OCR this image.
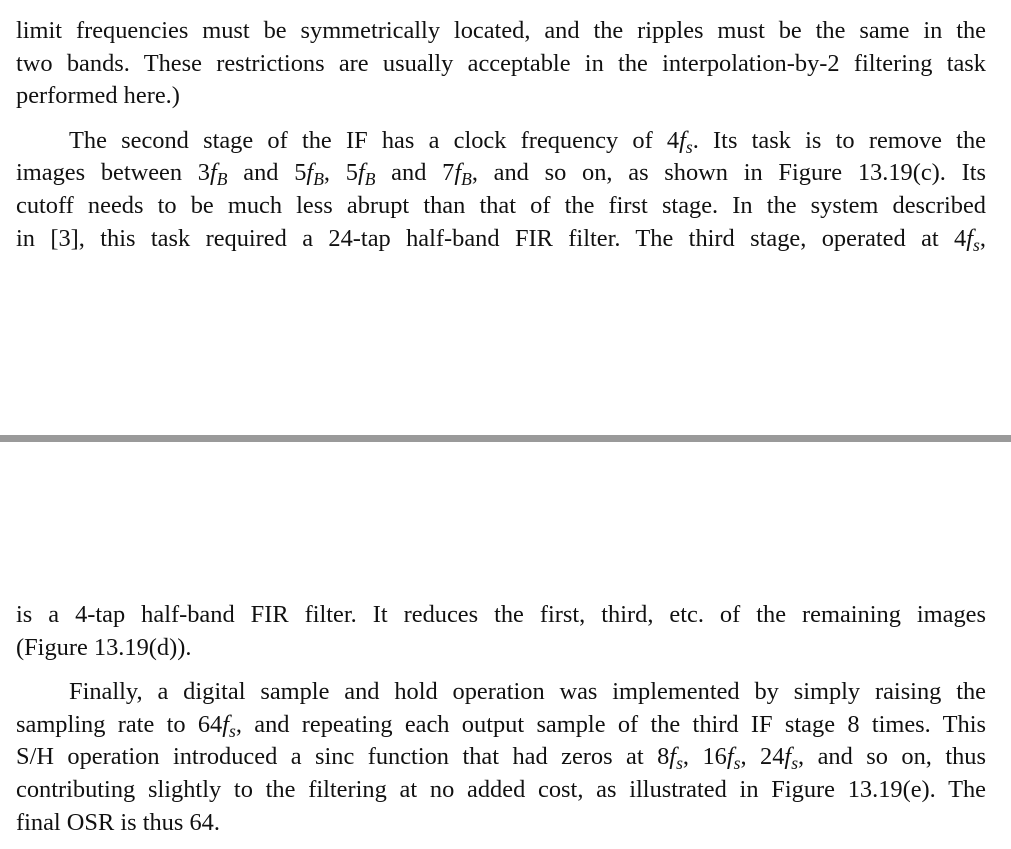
limit frequencies must be symmetrically located, and the ripples must be the same in the
two bands. These restrictions are usually acceptable in the interpolation-by-2 filtering task
performed here.)

The second stage of the IF has a clock frequency of $4f_s$. Its task is to remove the
images between $3f_B$ and $5f_B$, $5f_B$ and $7f_B$, and so on, as shown in Figure 13.19(c). Its
cutoff needs to be much less abrupt than that of the first stage. In the system described
in [3], this task required a 24-tap half-band FIR filter. The third stage, operated at $4f_s$,

is a 4-tap half-band FIR filter. It reduces the first, third, etc. of the remaining images
(Figure 13.19(d)).

Finally, a digital sample and hold operation was implemented by simply raising the
sampling rate to $64f_s$, and repeating each output sample of the third IF stage 8 times. This
S/H operation introduced a sinc function that had zeros at $8f_s$, $16f_s$, $24f_s$, and so on, thus
contributing slightly to the filtering at no added cost, as illustrated in Figure 13.19(e). The
final OSR is thus 64.
